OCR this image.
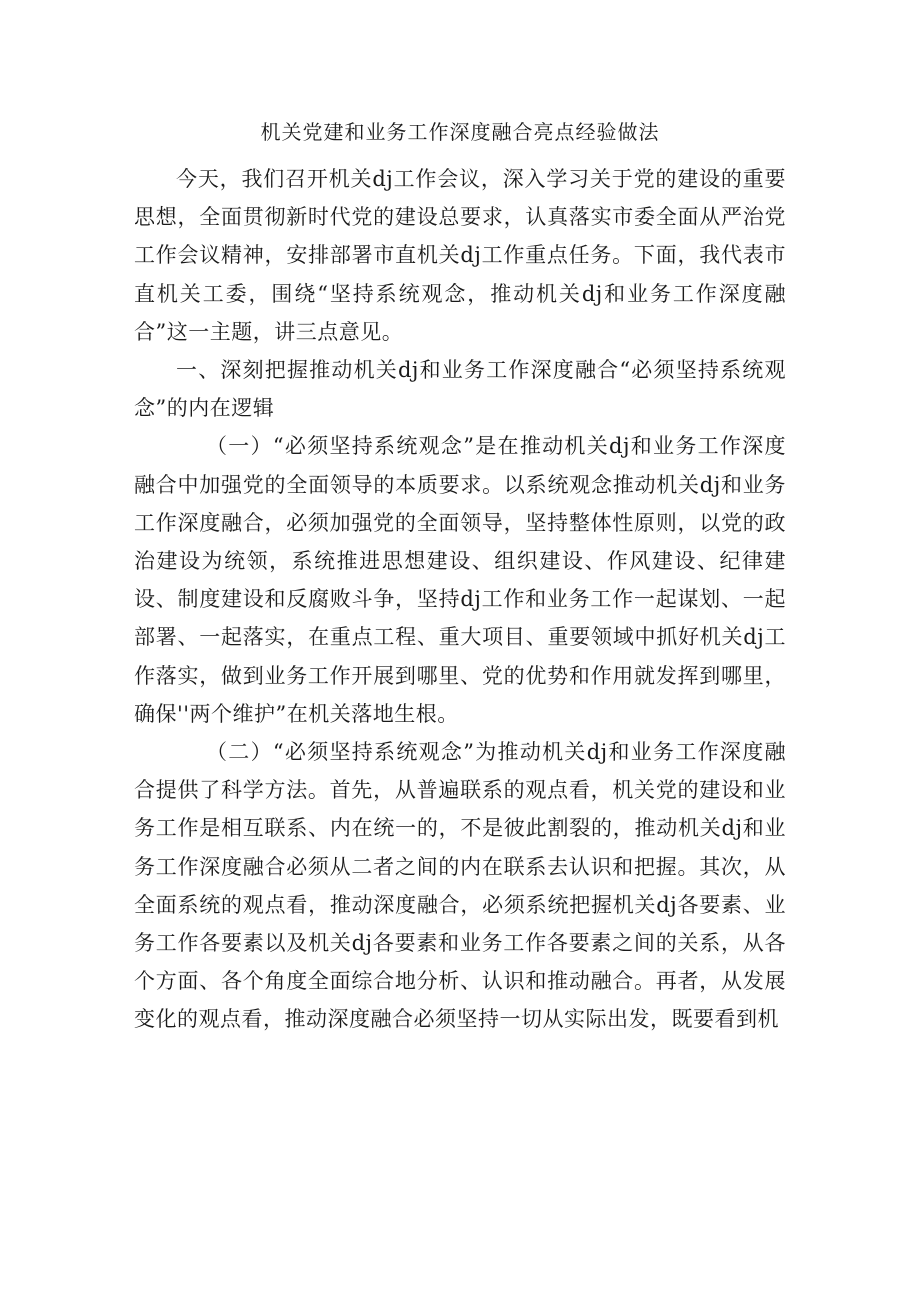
机关党建和业务工作深度融合亮点经验做法

今天，我们召开机关dj工作会议，深入学习关于党的建设的重要思想，全面贯彻新时代党的建设总要求，认真落实市委全面从严治党工作会议精神，安排部署市直机关dj工作重点任务。下面，我代表市直机关工委，围绕“坚持系统观念，推动机关dj和业务工作深度融合”这一主题，讲三点意见。

一、深刻把握推动机关dj和业务工作深度融合“必须坚持系统观念”的内在逻辑

（一）“必须坚持系统观念”是在推动机关dj和业务工作深度融合中加强党的全面领导的本质要求。以系统观念推动机关dj和业务工作深度融合，必须加强党的全面领导，坚持整体性原则，以党的政治建设为统领，系统推进思想建设、组织建设、作风建设、纪律建设、制度建设和反腐败斗争，坚持dj工作和业务工作一起谋划、一起部署、一起落实，在重点工程、重大项目、重要领域中抓好机关dj工作落实，做到业务工作开展到哪里、党的优势和作用就发挥到哪里，确保''两个维护”在机关落地生根。

（二）“必须坚持系统观念”为推动机关dj和业务工作深度融合提供了科学方法。首先，从普遍联系的观点看，机关党的建设和业务工作是相互联系、内在统一的，不是彼此割裂的，推动机关dj和业务工作深度融合必须从二者之间的内在联系去认识和把握。其次，从全面系统的观点看，推动深度融合，必须系统把握机关dj各要素、业务工作各要素以及机关dj各要素和业务工作各要素之间的关系，从各个方面、各个角度全面综合地分析、认识和推动融合。再者，从发展变化的观点看，推动深度融合必须坚持一切从实际出发，既要看到机
